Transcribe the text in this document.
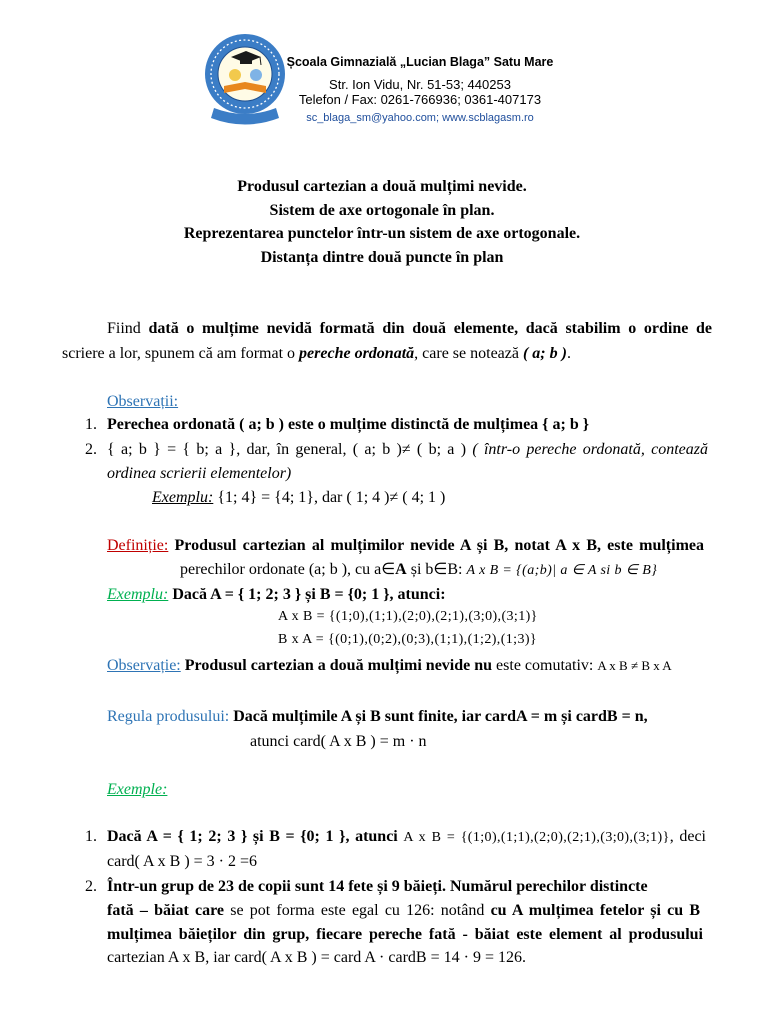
Școala Gimnazială „Lucian Blaga” Satu Mare
Str. Ion Vidu, Nr. 51-53; 440253
Telefon / Fax: 0261-766936; 0361-407173
sc_blaga_sm@yahoo.com; www.scblagasm.ro
Produsul cartezian a două mulțimi nevide.
Sistem de axe ortogonale în plan.
Reprezentarea punctelor într-un sistem de axe ortogonale.
Distanța dintre două puncte în plan
Fiind dată o mulțime nevidă formată din două elemente, dacă stabilim o ordine de
scriere a lor, spunem că am format o pereche ordonată, care se notează ( a; b ).
Observații:
1. Perechea ordonată ( a; b ) este o mulțime distinctă de mulțimea { a; b }
2. { a; b } = { b; a }, dar, în general, ( a; b )≠ ( b; a ) ( într-o pereche ordonată, contează
ordinea scrierii elementelor)
Exemplu: {1; 4} = {4; 1}, dar ( 1; 4 )≠ ( 4; 1 )
Definiție: Produsul cartezian al mulțimilor nevide A și B, notat A x B, este mulțimea
perechilor ordonate (a; b ), cu a∈A și b∈B: A x B = {(a;b)| a ∈ A si b ∈ B}
Exemplu: Dacă A = { 1; 2; 3 } și B = {0; 1 }, atunci:
A x B = {(1;0),(1;1),(2;0),(2;1),(3;0),(3;1)}
B x A = {(0;1),(0;2),(0;3),(1;1),(1;2),(1;3)}
Observație: Produsul cartezian a două mulțimi nevide nu este comutativ: A x B ≠ B x A
Regula produsului: Dacă mulțimile A și B sunt finite, iar cardA = m și cardB = n,
atunci card( A x B ) = m · n
Exemple:
1. Dacă A = { 1; 2; 3 } și B = {0; 1 }, atunci A x B = {(1;0),(1;1),(2;0),(2;1),(3;0),(3;1)}, deci
card( A x B ) = 3 · 2 =6
2. Într-un grup de 23 de copii sunt 14 fete și 9 băieți. Numărul perechilor distincte
fată – băiat care se pot forma este egal cu 126: notând cu A mulțimea fetelor și cu B
mulțimea băieților din grup, fiecare pereche fată - băiat este element al produsului
cartezian A x B, iar card( A x B ) = card A · cardB = 14 · 9 = 126.
